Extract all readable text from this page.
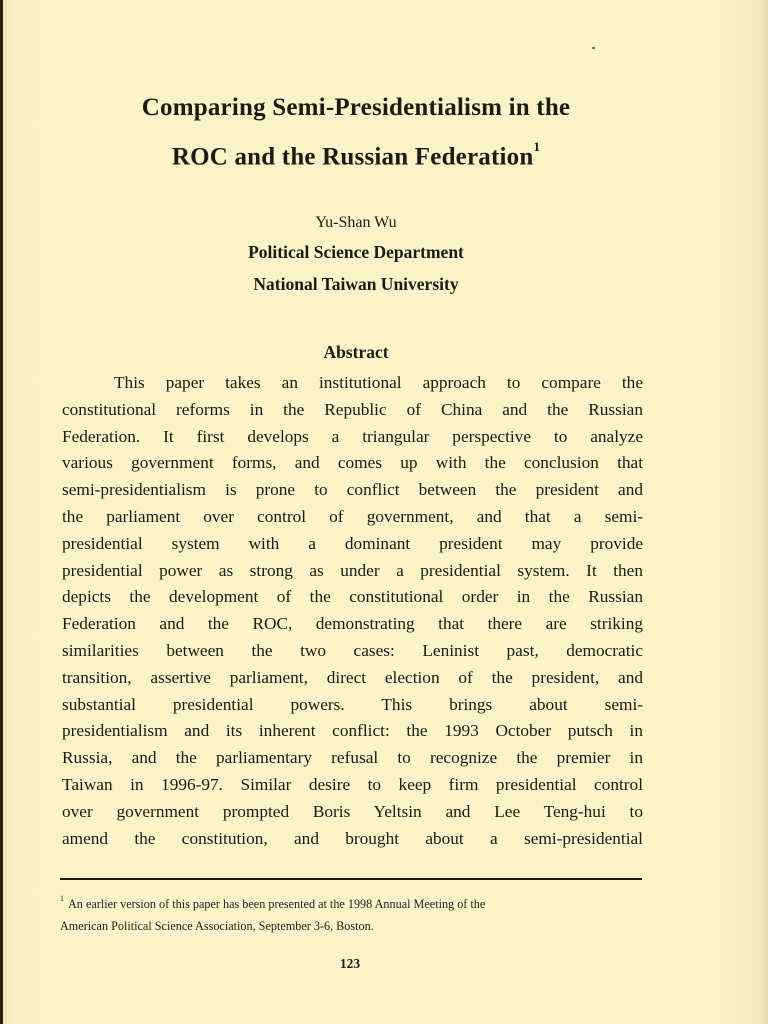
Comparing Semi-Presidentialism in the
ROC and the Russian Federation$^1$
Yu-Shan Wu
Political Science Department
National Taiwan University
Abstract
This paper takes an institutional approach to compare the
constitutional reforms in the Republic of China and the Russian
Federation. It first develops a triangular perspective to analyze
various government forms, and comes up with the conclusion that
semi-presidentialism is prone to conflict between the president and
the parliament over control of government, and that a semi-
presidential system with a dominant president may provide
presidential power as strong as under a presidential system. It then
depicts the development of the constitutional order in the Russian
Federation and the ROC, demonstrating that there are striking
similarities between the two cases: Leninist past, democratic
transition, assertive parliament, direct election of the president, and
substantial presidential powers. This brings about semi-
presidentialism and its inherent conflict: the 1993 October putsch in
Russia, and the parliamentary refusal to recognize the premier in
Taiwan in 1996-97. Similar desire to keep firm presidential control
over government prompted Boris Yeltsin and Lee Teng-hui to
amend the constitution, and brought about a semi-presidential
$^1$ An earlier version of this paper has been presented at the 1998 Annual Meeting of the
American Political Science Association, September 3-6, Boston.
123
